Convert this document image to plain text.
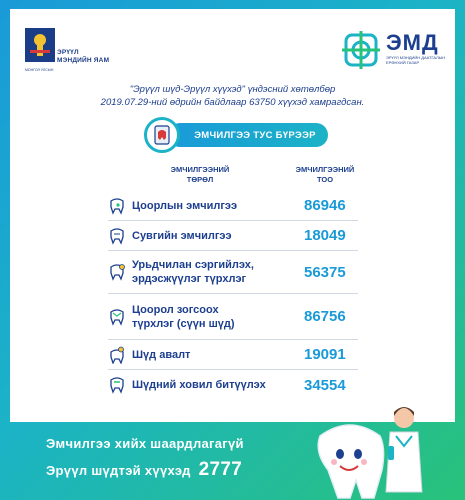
ЭРҮҮЛ
МЭНДИЙН ЯАМ
МОНГОЛ УЛСЫН
ЭМД
ЭРҮҮЛ МЭНДИЙН ДААТГАЛЫН ЕРӨНХИЙ ГАЗАР
"Эрүүл шүд-Эрүүл хүүхэд" үндэсний хөтөлбөр
2019.07.29-ний өдрийн байдлаар 63750 хүүхэд хамрагдсан.
ЭМЧИЛГЭЭ ТУС БҮРЭЭР
ЭМЧИЛГЭЭНИЙ
ТӨРӨЛ
ЭМЧИЛГЭЭНИЙ
ТОО
Цоорлын эмчилгээ	86946
Сувгийн эмчилгээ	18049
Урьдчилан сэргийлэх,
эрдэсжүүлэг түрхлэг	56375
Цоорол зогсоох
түрхлэг (сүүн шүд)	86756
Шүд авалт	19091
Шүдний ховил битүүлэх	34554
Эмчилгээ хийх шаардлагагүй
Эрүүл шүдтэй хүүхэд 2777
